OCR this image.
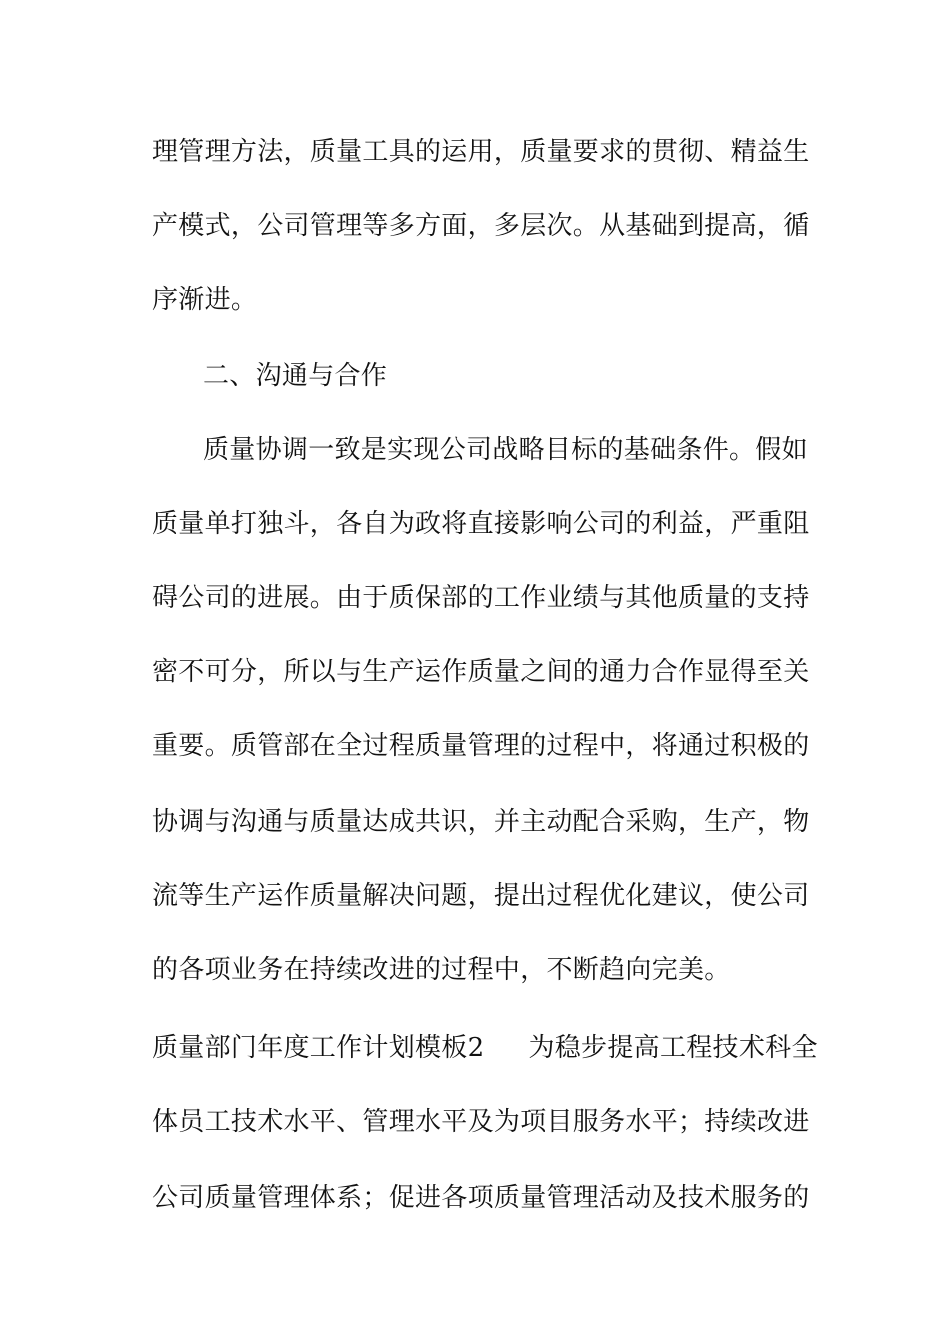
理管理方法，质量工具的运用，质量要求的贯彻、精益生
产模式，公司管理等多方面，多层次。从基础到提高，循
序渐进。
二、沟通与合作
质量协调一致是实现公司战略目标的基础条件。假如
质量单打独斗，各自为政将直接影响公司的利益，严重阻
碍公司的进展。由于质保部的工作业绩与其他质量的支持
密不可分，所以与生产运作质量之间的通力合作显得至关
重要。质管部在全过程质量管理的过程中，将通过积极的
协调与沟通与质量达成共识，并主动配合采购，生产，物
流等生产运作质量解决问题，提出过程优化建议，使公司
的各项业务在持续改进的过程中，不断趋向完美。
质量部门年度工作计划模板2 为稳步提高工程技术科全
体员工技术水平、管理水平及为项目服务水平；持续改进
公司质量管理体系；促进各项质量管理活动及技术服务的
